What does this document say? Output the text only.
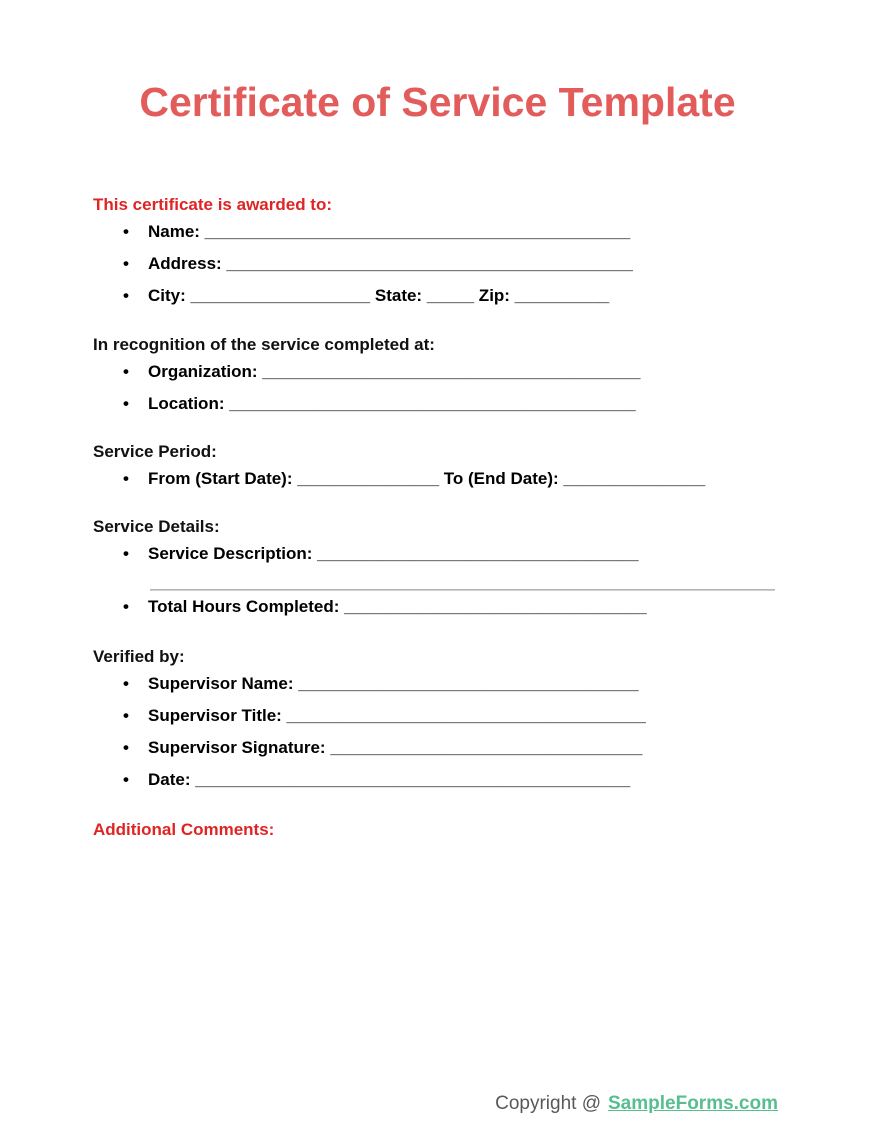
Certificate of Service Template
This certificate is awarded to:
• Name: _____________________________________________
• Address: ___________________________________________
• City: ___________________ State: _____ Zip: __________
In recognition of the service completed at:
• Organization: ________________________________________
• Location: ___________________________________________
Service Period:
• From (Start Date): _______________ To (End Date): _______________
Service Details:
• Service Description: __________________________________
• Total Hours Completed: ________________________________
Verified by:
• Supervisor Name: ____________________________________
• Supervisor Title: ______________________________________
• Supervisor Signature: _________________________________
• Date: ______________________________________________
Additional Comments:
Copyright @ SampleForms.com
